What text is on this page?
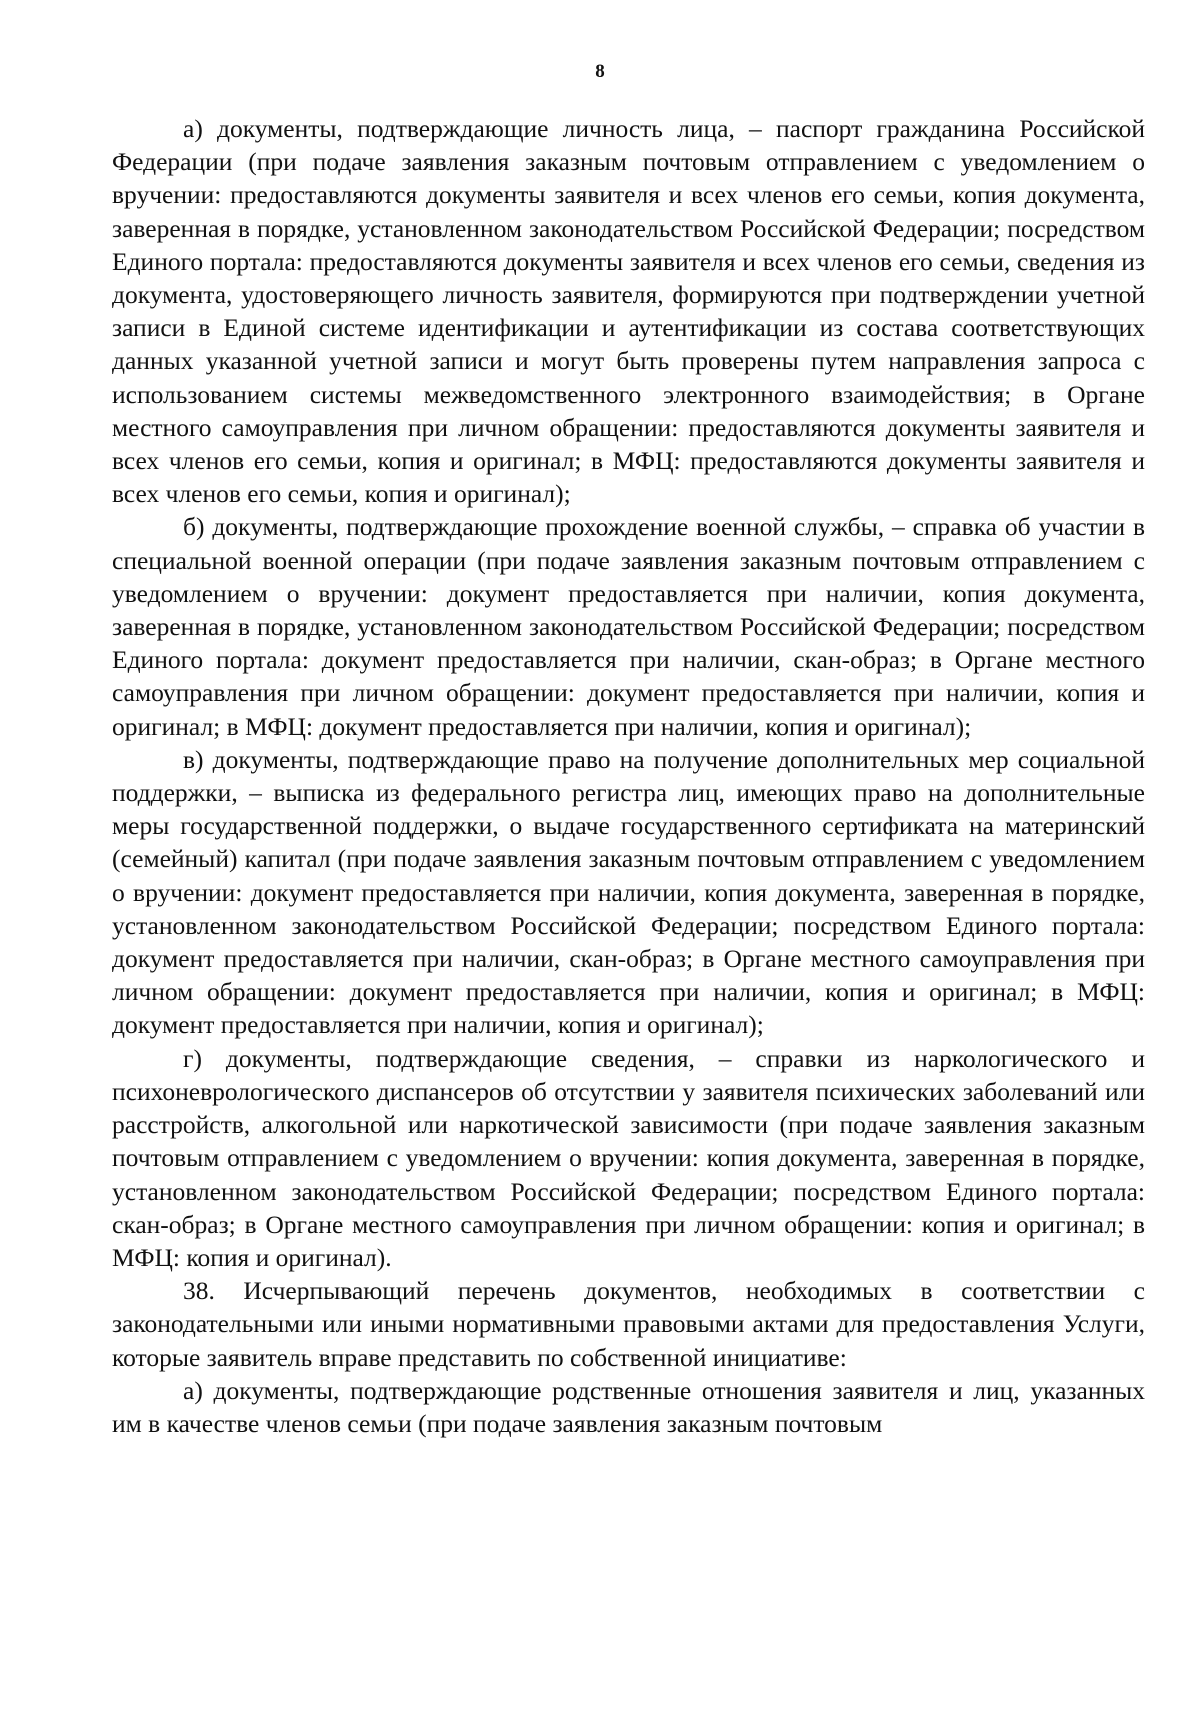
8

а) документы, подтверждающие личность лица, – паспорт гражданина Российской Федерации (при подаче заявления заказным почтовым отправлением с уведомлением о вручении: предоставляются документы заявителя и всех членов его семьи, копия документа, заверенная в порядке, установленном законодательством Российской Федерации; посредством Единого портала: предоставляются документы заявителя и всех членов его семьи, сведения из документа, удостоверяющего личность заявителя, формируются при подтверждении учетной записи в Единой системе идентификации и аутентификации из состава соответствующих данных указанной учетной записи и могут быть проверены путем направления запроса с использованием системы межведомственного электронного взаимодействия; в Органе местного самоуправления при личном обращении: предоставляются документы заявителя и всех членов его семьи, копия и оригинал; в МФЦ: предоставляются документы заявителя и всех членов его семьи, копия и оригинал);

б) документы, подтверждающие прохождение военной службы, – справка об участии в специальной военной операции (при подаче заявления заказным почтовым отправлением с уведомлением о вручении: документ предоставляется при наличии, копия документа, заверенная в порядке, установленном законодательством Российской Федерации; посредством Единого портала: документ предоставляется при наличии, скан-образ; в Органе местного самоуправления при личном обращении: документ предоставляется при наличии, копия и оригинал; в МФЦ: документ предоставляется при наличии, копия и оригинал);

в) документы, подтверждающие право на получение дополнительных мер социальной поддержки, – выписка из федерального регистра лиц, имеющих право на дополнительные меры государственной поддержки, о выдаче государственного сертификата на материнский (семейный) капитал (при подаче заявления заказным почтовым отправлением с уведомлением о вручении: документ предоставляется при наличии, копия документа, заверенная в порядке, установленном законодательством Российской Федерации; посредством Единого портала: документ предоставляется при наличии, скан-образ; в Органе местного самоуправления при личном обращении: документ предоставляется при наличии, копия и оригинал; в МФЦ: документ предоставляется при наличии, копия и оригинал);

г) документы, подтверждающие сведения, – справки из наркологического и психоневрологического диспансеров об отсутствии у заявителя психических заболеваний или расстройств, алкогольной или наркотической зависимости (при подаче заявления заказным почтовым отправлением с уведомлением о вручении: копия документа, заверенная в порядке, установленном законодательством Российской Федерации; посредством Единого портала: скан-образ; в Органе местного самоуправления при личном обращении: копия и оригинал; в МФЦ: копия и оригинал).

38. Исчерпывающий перечень документов, необходимых в соответствии с законодательными или иными нормативными правовыми актами для предоставления Услуги, которые заявитель вправе представить по собственной инициативе:

а) документы, подтверждающие родственные отношения заявителя и лиц, указанных им в качестве членов семьи (при подаче заявления заказным почтовым
